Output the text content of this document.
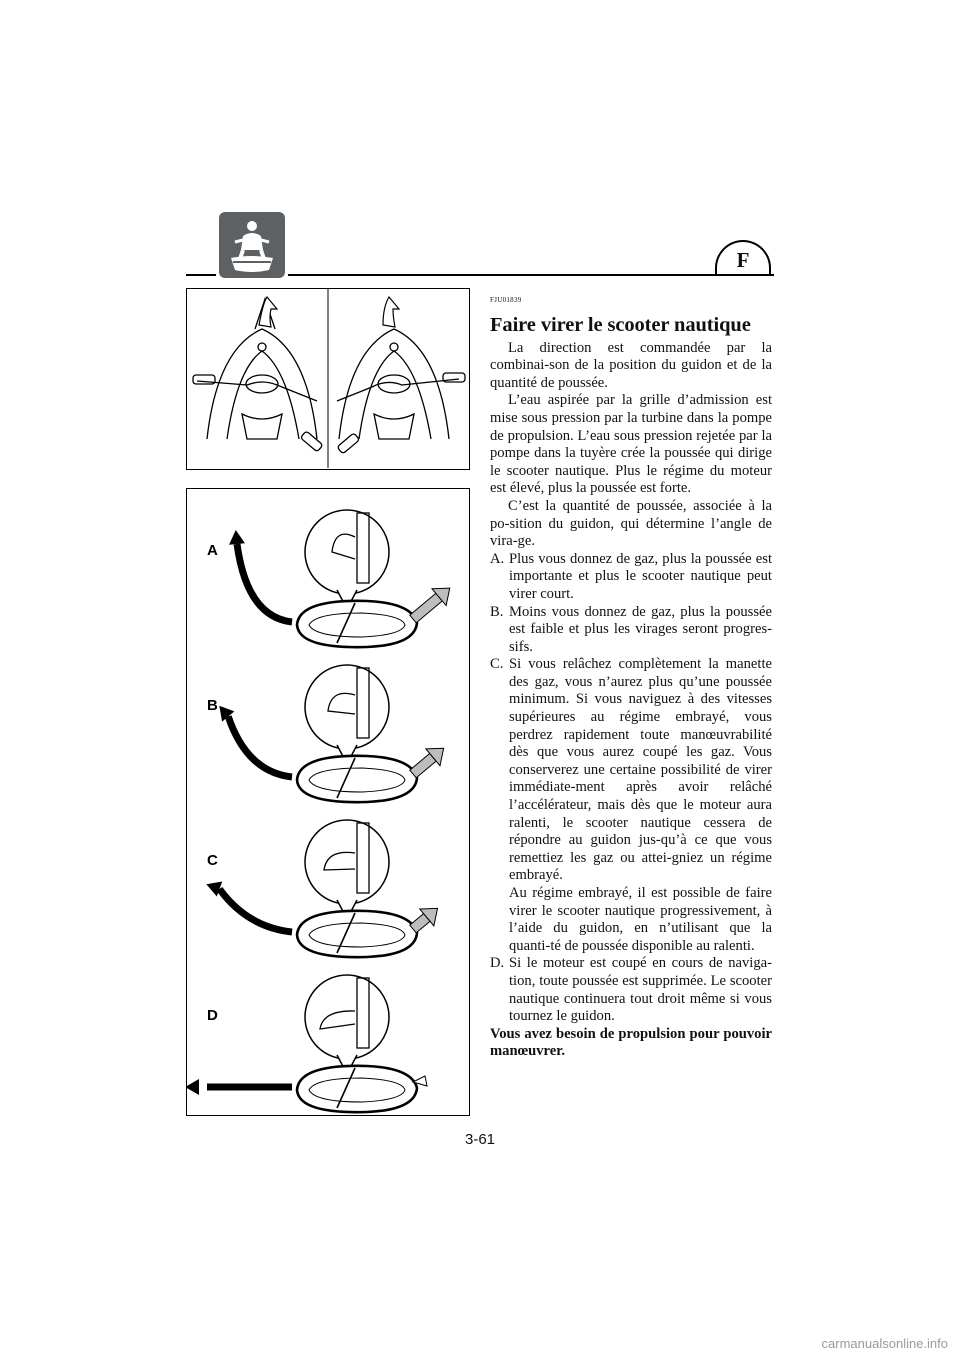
F
A
B
C
D
FJU01839
Faire virer le scooter nautique

La direction est commandée par la combinai-son de la position du guidon et de la quantité de poussée.

L’eau aspirée par la grille d’admission est mise sous pression par la turbine dans la pompe de propulsion. L’eau sous pression rejetée par la pompe dans la tuyère crée la poussée qui dirige le scooter nautique. Plus le régime du moteur est élevé, plus la poussée est forte.

C’est la quantité de poussée, associée à la po-sition du guidon, qui détermine l’angle de vira-ge.

A. Plus vous donnez de gaz, plus la poussée est importante et plus le scooter nautique peut virer court.
B. Moins vous donnez de gaz, plus la poussée est faible et plus les virages seront progres-sifs.
C. Si vous relâchez complètement la manette des gaz, vous n’aurez plus qu’une poussée minimum. Si vous naviguez à des vitesses supérieures au régime embrayé, vous perdrez rapidement toute manœuvrabilité dès que vous aurez coupé les gaz. Vous conserverez une certaine possibilité de virer immédiate-ment après avoir relâché l’accélérateur, mais dès que le moteur aura ralenti, le scooter nautique cessera de répondre au guidon jus-qu’à ce que vous remettiez les gaz ou attei-gniez un régime embrayé.
Au régime embrayé, il est possible de faire virer le scooter nautique progressivement, à l’aide du guidon, en n’utilisant que la quanti-té de poussée disponible au ralenti.
D. Si le moteur est coupé en cours de naviga-tion, toute poussée est supprimée. Le scooter nautique continuera tout droit même si vous tournez le guidon.

Vous avez besoin de propulsion pour pouvoir manœuvrer.

3-61
carmanualsonline.info
